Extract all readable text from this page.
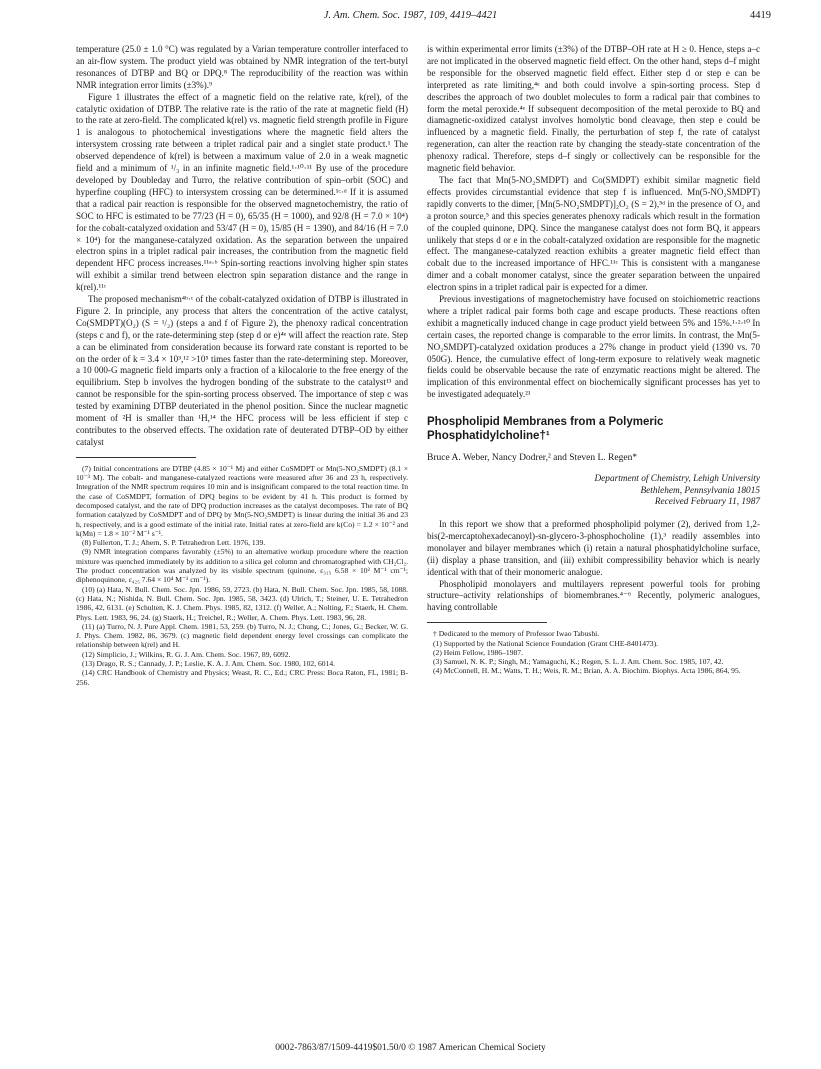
J. Am. Chem. Soc. 1987, 109, 4419–4421	4419

temperature (25.0 ± 1.0 °C) was regulated by a Varian temperature controller interfaced to an air-flow system. The product yield was obtained by NMR integration of the tert-butyl resonances of DTBP and BQ or DPQ.⁸ The reproducibility of the reaction was within NMR integration error limits (±3%).⁹

Figure 1 illustrates the effect of a magnetic field on the relative rate, k(rel), of the catalytic oxidation of DTBP. The relative rate is the ratio of the rate at magnetic field (H) to the rate at zero-field. The complicated k(rel) vs. magnetic field strength profile in Figure 1 is analogous to photochemical investigations where the magnetic field alters the intersystem crossing rate between a triplet radical pair and a singlet state product.¹ The observed dependence of k(rel) is between a maximum value of 2.0 in a weak magnetic field and a minimum of ¹/₃ in an infinite magnetic field.¹·¹⁰·¹¹ By use of the procedure developed by Doubleday and Turro, the relative contribution of spin–orbit (SOC) and hyperfine coupling (HFC) to intersystem crossing can be determined.¹ᶜ·ᵈ If it is assumed that a radical pair reaction is responsible for the observed magnetochemistry, the ratio of SOC to HFC is estimated to be 77/23 (H = 0), 65/35 (H = 1000), and 92/8 (H = 7.0 × 10⁴) for the cobalt-catalyzed oxidation and 53/47 (H = 0), 15/85 (H = 1390), and 84/16 (H = 7.0 × 10⁴) for the manganese-catalyzed oxidation. As the separation between the unpaired electron spins in a triplet radical pair increases, the contribution from the magnetic field dependent HFC process increases.¹¹ᵃ·ᵇ Spin-sorting reactions involving higher spin states will exhibit a similar trend between electron spin separation distance and the range in k(rel).¹¹ᶜ

The proposed mechanism⁴ᵇ·ᶜ of the cobalt-catalyzed oxidation of DTBP is illustrated in Figure 2. In principle, any process that alters the concentration of the active catalyst, Co(SMDPT)(O₂) (S = ¹/₂) (steps a and f of Figure 2), the phenoxy radical concentration (steps c and f), or the rate-determining step (step d or e)⁴ᵉ will affect the reaction rate. Step a can be eliminated from consideration because its forward rate constant is reported to be on the order of k = 3.4 × 10³,¹² >10⁵ times faster than the rate-determining step. Moreover, a 10 000-G magnetic field imparts only a fraction of a kilocalorie to the free energy of the equilibrium. Step b involves the hydrogen bonding of the substrate to the catalyst¹³ and cannot be responsible for the spin-sorting process observed. The importance of step c was tested by examining DTBP deuteriated in the phenol position. Since the nuclear magnetic moment of ²H is smaller than ¹H,¹⁴ the HFC process will be less efficient if step c contributes to the observed effects. The oxidation rate of deuterated DTBP–OD by either catalyst

(7) Initial concentrations are DTBP (4.85 × 10⁻¹ M) and either CoSMDPT or Mn(5-NO₂SMDPT) (8.1 × 10⁻³ M). The cobalt- and manganese-catalyzed reactions were measured after 36 and 23 h, respectively. Integration of the NMR spectrum requires 10 min and is insignificant compared to the total reaction time. In the case of CoSMDPT, formation of DPQ begins to be evident by 41 h. This product is formed by decomposed catalyst, and the rate of DPQ production increases as the catalyst decomposes. The rate of BQ formation catalyzed by CoSMDPT and of DPQ by Mn(5-NO₂SMDPT) is linear during the initial 36 and 23 h, respectively, and is a good estimate of the initial rate. Initial rates at zero-field are k(Co) = 1.2 × 10⁻² and k(Mn) = 1.8 × 10⁻² M⁻¹ s⁻¹.

(8) Fullerton, T. J.; Ahern, S. P. Tetrahedron Lett. 1976, 139.

(9) NMR integration compares favorably (±5%) to an alternative workup procedure where the reaction mixture was quenched immediately by its addition to a silica gel column and chromatographed with CH₂Cl₂. The product concentration was analyzed by its visible spectrum (quinone, ε₃₁₅ 6.58 × 10² M⁻¹ cm⁻¹; diphenoquinone, ε₄₂₅ 7.64 × 10⁴ M⁻¹ cm⁻¹).

(10) (a) Hata, N. Bull. Chem. Soc. Jpn. 1986, 59, 2723. (b) Hata, N. Bull. Chem. Soc. Jpn. 1985, 58, 1088. (c) Hata, N.; Nishida, N. Bull. Chem. Soc. Jpn. 1985, 58, 3423. (d) Ulrich, T.; Steiner, U. E. Tetrahedron 1986, 42, 6131. (e) Schulten, K. J. Chem. Phys. 1985, 82, 1312. (f) Weller, A.; Nolting, F.; Staerk, H. Chem. Phys. Lett. 1983, 96, 24. (g) Staerk, H.; Treichel, R.; Weller, A. Chem. Phys. Lett. 1983, 96, 28.

(11) (a) Turro, N. J. Pure Appl. Chem. 1981, 53, 259. (b) Turro, N. J.; Chung, C.; Jones, G.; Becker, W. G. J. Phys. Chem. 1982, 86, 3679. (c) magnetic field dependent energy level crossings can complicate the relationship between k(rel) and H.

(12) Simplicio, J.; Wilkins, R. G. J. Am. Chem. Soc. 1967, 89, 6092.

(13) Drago, R. S.; Cannady, J. P.; Leslie, K. A. J. Am. Chem. Soc. 1980, 102, 6014.

(14) CRC Handbook of Chemistry and Physics; Weast, R. C., Ed.; CRC Press: Boca Raton, FL, 1981; B-256.

is within experimental error limits (±3%) of the DTBP–OH rate at H ≥ 0. Hence, steps a–c are not implicated in the observed magnetic field effect. On the other hand, steps d–f might be responsible for the observed magnetic field effect. Either step d or step e can be interpreted as rate limiting,⁴ᵉ and both could involve a spin-sorting process. Step d describes the approach of two doublet molecules to form a radical pair that combines to form the metal peroxide.⁴ᵉ If subsequent decomposition of the metal peroxide to BQ and diamagnetic-oxidized catalyst involves homolytic bond cleavage, then step e could be influenced by a magnetic field. Finally, the perturbation of step f, the rate of catalyst regeneration, can alter the reaction rate by changing the steady-state concentration of the phenoxy radical. Therefore, steps d–f singly or collectively can be responsible for the magnetic field behavior.

The fact that Mn(5-NO₂SMDPT) and Co(SMDPT) exhibit similar magnetic field effects provides circumstantial evidence that step f is influenced. Mn(5-NO₂SMDPT) rapidly converts to the dimer, [Mn(5-NO₂SMDPT)]₂O₂ (S = 2),⁵ᵈ in the presence of O₂ and a proton source,⁵ and this species generates phenoxy radicals which result in the formation of the coupled quinone, DPQ. Since the manganese catalyst does not form BQ, it appears unlikely that steps d or e in the cobalt-catalyzed oxidation are responsible for the magnetic effect. The manganese-catalyzed reaction exhibits a greater magnetic field effect than cobalt due to the increased importance of HFC.¹¹ᶜ This is consistent with a manganese dimer and a cobalt monomer catalyst, since the greater separation between the unpaired electron spins in a triplet radical pair is expected for a dimer.

Previous investigations of magnetochemistry have focused on stoichiometric reactions where a triplet radical pair forms both cage and escape products. These reactions often exhibit a magnetically induced change in cage product yield between 5% and 15%.¹·²·¹⁰ In certain cases, the reported change is comparable to the error limits. In contrast, the Mn(5-NO₂SMDPT)-catalyzed oxidation produces a 27% change in product yield (1390 vs. 70 050G). Hence, the cumulative effect of long-term exposure to relatively weak magnetic fields could be observable because the rate of enzymatic reactions might be altered. The implication of this environmental effect on biochemically significant processes has yet to be investigated adequately.²¹

Phospholipid Membranes from a Polymeric Phosphatidylcholine†¹
Bruce A. Weber, Nancy Dodrer,² and Steven L. Regen*
Department of Chemistry, Lehigh University
Bethlehem, Pennsylvania 18015
Received February 11, 1987

In this report we show that a preformed phospholipid polymer (2), derived from 1,2-bis(2-mercaptohexadecanoyl)-sn-glycero-3-phosphocholine (1),³ readily assembles into monolayer and bilayer membranes which (i) retain a natural phosphatidylcholine surface, (ii) display a phase transition, and (iii) exhibit compressibility behavior which is nearly identical with that of their monomeric analogue.

Phospholipid monolayers and multilayers represent powerful tools for probing structure–activity relationships of biomembranes.⁴⁻⁶ Recently, polymeric analogues, having controllable

† Dedicated to the memory of Professor Iwao Tabushi.

(1) Supported by the National Science Foundation (Grant CHE-8401473).

(2) Heim Fellow, 1986–1987.

(3) Samuel, N. K. P.; Singh, M.; Yamaguchi, K.; Regen, S. L. J. Am. Chem. Soc. 1985, 107, 42.

(4) McConnell, H. M.; Watts, T. H.; Weis, R. M.; Brian, A. A. Biochim. Biophys. Acta 1986, 864, 95.

0002-7863/87/1509-4419$01.50/0 © 1987 American Chemical Society
